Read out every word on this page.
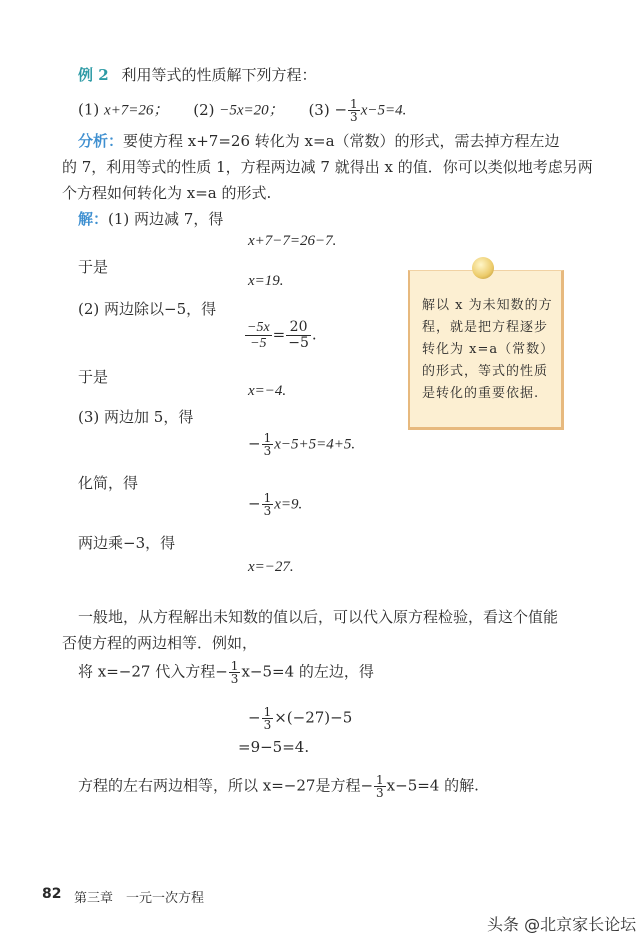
例 2 利用等式的性质解下列方程：
(1) x+7=26； (2) −5x=20； $(3) - \frac{1}{3} x-5=4$.
分析：要使方程 x+7=26 转化为 x=a（常数）的形式，需去掉方程左边
的 7，利用等式的性质 1，方程两边减 7 就得出 x 的值．你可以类似地考虑另两
个方程如何转化为 x=a 的形式.
解：(1) 两边减 7，得
x+7−7=26−7.
于是
x=19.
(2) 两边除以−5，得
$\frac{-5x}{-5} = \frac{20}{-5}$ .
于是
x=−4.
(3) 两边加 5，得
− $\frac{1}{3} x-5+5=4+5$.
化简，得
− $\frac{1}{3} x=9$.
两边乘−3，得
x=−27.
解以 x 为未知数的方程，就是把方程逐步转化为 x=a（常数）的形式，等式的性质是转化的重要依据.
一般地，从方程解出未知数的值以后，可以代入原方程检验，看这个值能
否使方程的两边相等．例如，
将 x=−27 代入方程− $\frac{1}{3} x-5=4$ 的左边，得
− $\frac{1}{3} \times(-27)-5$
=9−5=4.
方程的左右两边相等，所以 x=−27是方程− $\frac{1}{3} x-5=4$ 的解.
82 第三章　一元一次方程
头条 @北京家长论坛
